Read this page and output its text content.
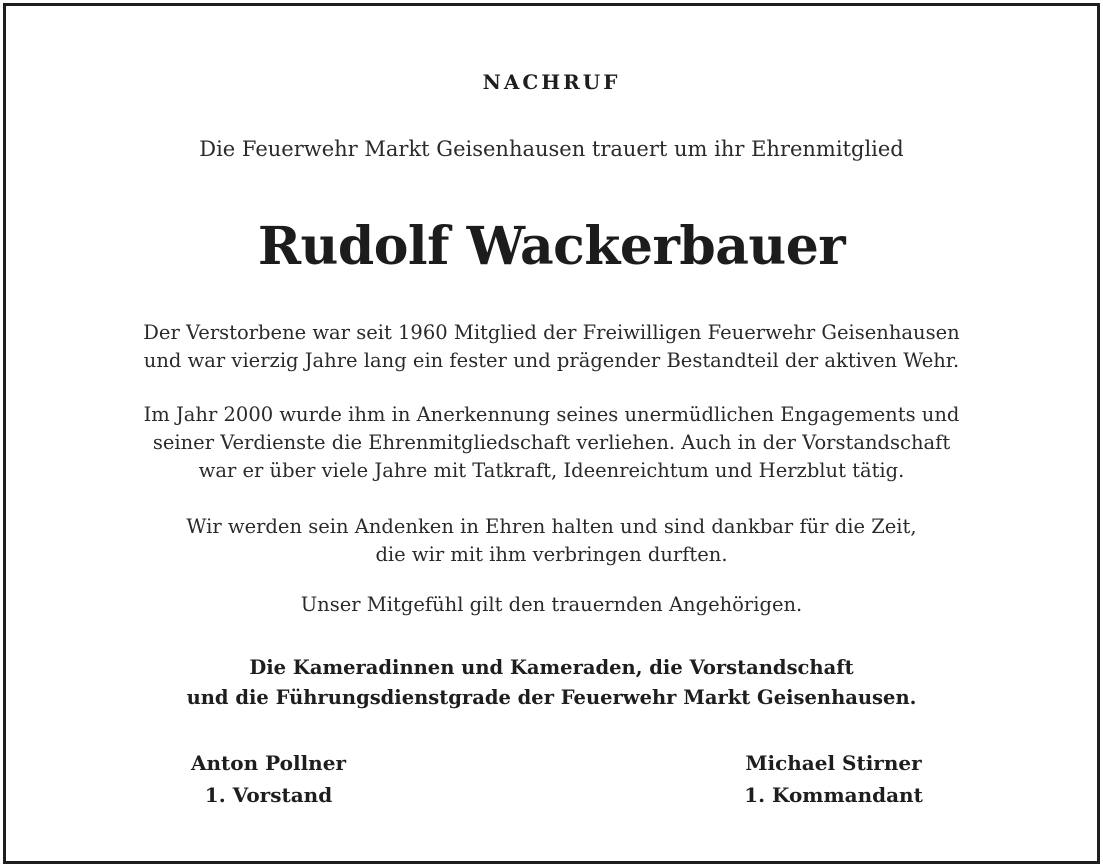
NACHRUF
Die Feuerwehr Markt Geisenhausen trauert um ihr Ehrenmitglied
Rudolf Wackerbauer
Der Verstorbene war seit 1960 Mitglied der Freiwilligen Feuerwehr Geisenhausen
und war vierzig Jahre lang ein fester und prägender Bestandteil der aktiven Wehr.
Im Jahr 2000 wurde ihm in Anerkennung seines unermüdlichen Engagements und
seiner Verdienste die Ehrenmitgliedschaft verliehen. Auch in der Vorstandschaft
war er über viele Jahre mit Tatkraft, Ideenreichtum und Herzblut tätig.
Wir werden sein Andenken in Ehren halten und sind dankbar für die Zeit,
die wir mit ihm verbringen durften.
Unser Mitgefühl gilt den trauernden Angehörigen.
Die Kameradinnen und Kameraden, die Vorstandschaft
und die Führungsdienstgrade der Feuerwehr Markt Geisenhausen.
Anton Pollner
1. Vorstand
Michael Stirner
1. Kommandant
